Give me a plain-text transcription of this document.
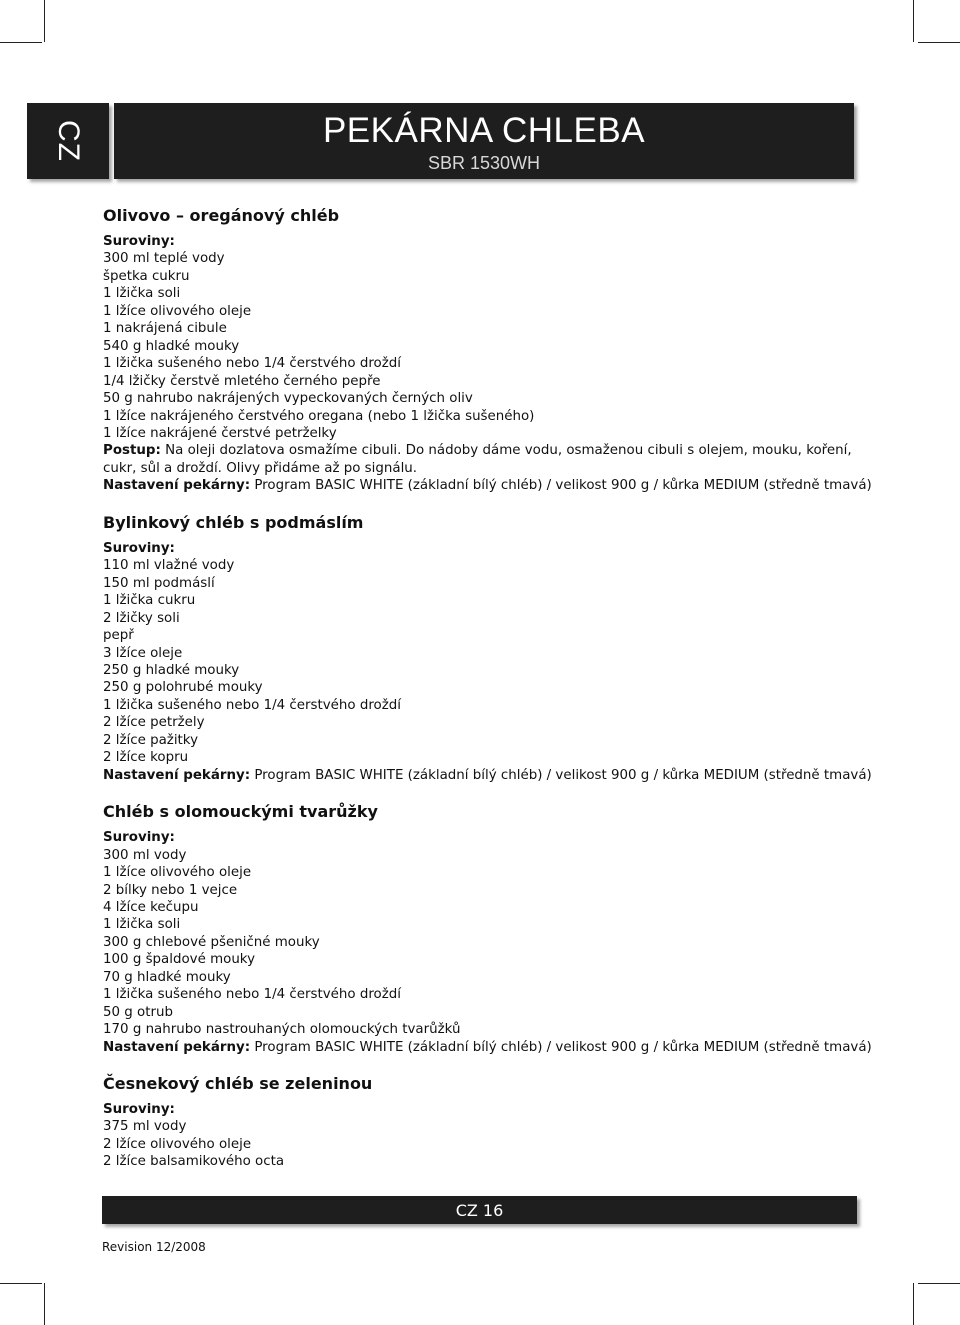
CZ	PEKÁRNA CHLEBA
SBR 1530WH
Olivovo – oregánový chléb
Suroviny:
300 ml teplé vody
špetka cukru
1 lžička soli
1 lžíce olivového oleje
1 nakrájená cibule
540 g hladké mouky
1 lžička sušeného nebo 1/4 čerstvého droždí
1/4 lžičky čerstvě mletého černého pepře
50 g nahrubo nakrájených vypeckovaných černých oliv
1 lžíce nakrájeného čerstvého oregana (nebo 1 lžička sušeného)
1 lžíce nakrájené čerstvé petrželky
Postup: Na oleji dozlatova osmažíme cibuli. Do nádoby dáme vodu, osmaženou cibuli s olejem, mouku, koření, cukr, sůl a droždí. Olivy přidáme až po signálu.
Nastavení pekárny: Program BASIC WHITE (základní bílý chléb) / velikost 900 g / kůrka MEDIUM (středně tmavá)
Bylinkový chléb s podmáslím
Suroviny:
110 ml vlažné vody
150 ml podmáslí
1 lžička cukru
2 lžičky soli
pepř
3 lžíce oleje
250 g hladké mouky
250 g polohrubé mouky
1 lžička sušeného nebo 1/4 čerstvého droždí
2 lžíce petržely
2 lžíce pažitky
2 lžíce kopru
Nastavení pekárny: Program BASIC WHITE (základní bílý chléb) / velikost 900 g / kůrka MEDIUM (středně tmavá)
Chléb s olomouckými tvarůžky
Suroviny:
300 ml vody
1 lžíce olivového oleje
2 bílky nebo 1 vejce
4 lžíce kečupu
1 lžička soli
300 g chlebové pšeničné mouky
100 g špaldové mouky
70 g hladké mouky
1 lžička sušeného nebo 1/4 čerstvého droždí
50 g otrub
170 g nahrubo nastrouhaných olomouckých tvarůžků
Nastavení pekárny: Program BASIC WHITE (základní bílý chléb) / velikost 900 g / kůrka MEDIUM (středně tmavá)
Česnekový chléb se zeleninou
Suroviny:
375 ml vody
2 lžíce olivového oleje
2 lžíce balsamikového octa
CZ 16
Revision 12/2008
